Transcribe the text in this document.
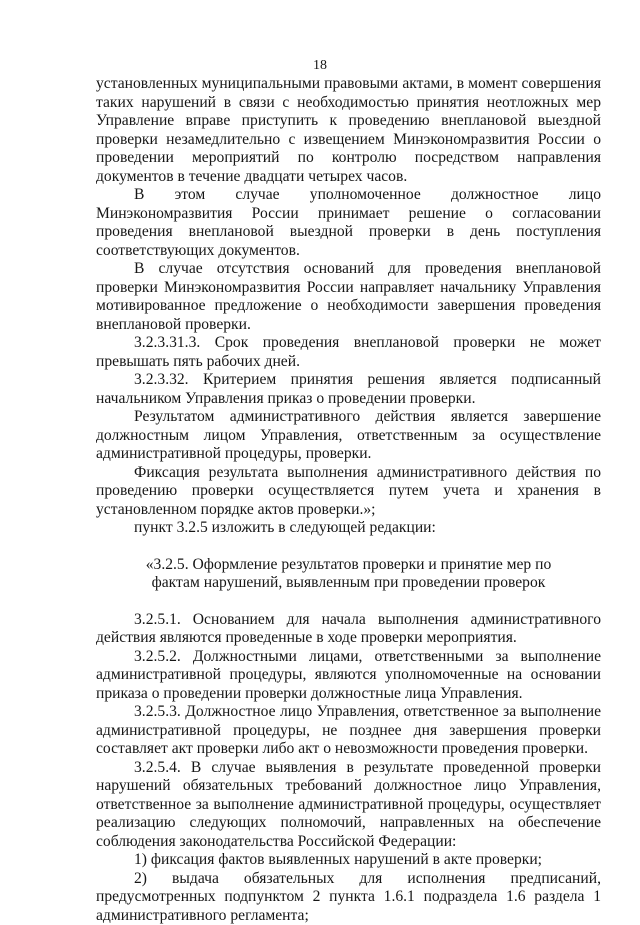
18

установленных муниципальными правовыми актами, в момент совершения таких нарушений в связи с необходимостью принятия неотложных мер Управление вправе приступить к проведению внеплановой выездной проверки незамедлительно с извещением Минэкономразвития России о проведении мероприятий по контролю посредством направления документов в течение двадцати четырех часов.

В этом случае уполномоченное должностное лицо Минэкономразвития России принимает решение о согласовании проведения внеплановой выездной проверки в день поступления соответствующих документов.

В случае отсутствия оснований для проведения внеплановой проверки Минэкономразвития России направляет начальнику Управления мотивированное предложение о необходимости завершения проведения внеплановой проверки.

3.2.3.31.3. Срок проведения внеплановой проверки не может превышать пять рабочих дней.

3.2.3.32. Критерием принятия решения является подписанный начальником Управления приказ о проведении проверки.

Результатом административного действия является завершение должностным лицом Управления, ответственным за осуществление административной процедуры, проверки.

Фиксация результата выполнения административного действия по проведению проверки осуществляется путем учета и хранения в установленном порядке актов проверки.»;

пункт 3.2.5 изложить в следующей редакции:

«3.2.5. Оформление результатов проверки и принятие мер по фактам нарушений, выявленным при проведении проверок

3.2.5.1. Основанием для начала выполнения административного действия являются проведенные в ходе проверки мероприятия.

3.2.5.2. Должностными лицами, ответственными за выполнение административной процедуры, являются уполномоченные на основании приказа о проведении проверки должностные лица Управления.

3.2.5.3. Должностное лицо Управления, ответственное за выполнение административной процедуры, не позднее дня завершения проверки составляет акт проверки либо акт о невозможности проведения проверки.

3.2.5.4. В случае выявления в результате проведенной проверки нарушений обязательных требований должностное лицо Управления, ответственное за выполнение административной процедуры, осуществляет реализацию следующих полномочий, направленных на обеспечение соблюдения законодательства Российской Федерации:

1) фиксация фактов выявленных нарушений в акте проверки;

2) выдача обязательных для исполнения предписаний, предусмотренных подпунктом 2 пункта 1.6.1 подраздела 1.6 раздела 1 административного регламента;
